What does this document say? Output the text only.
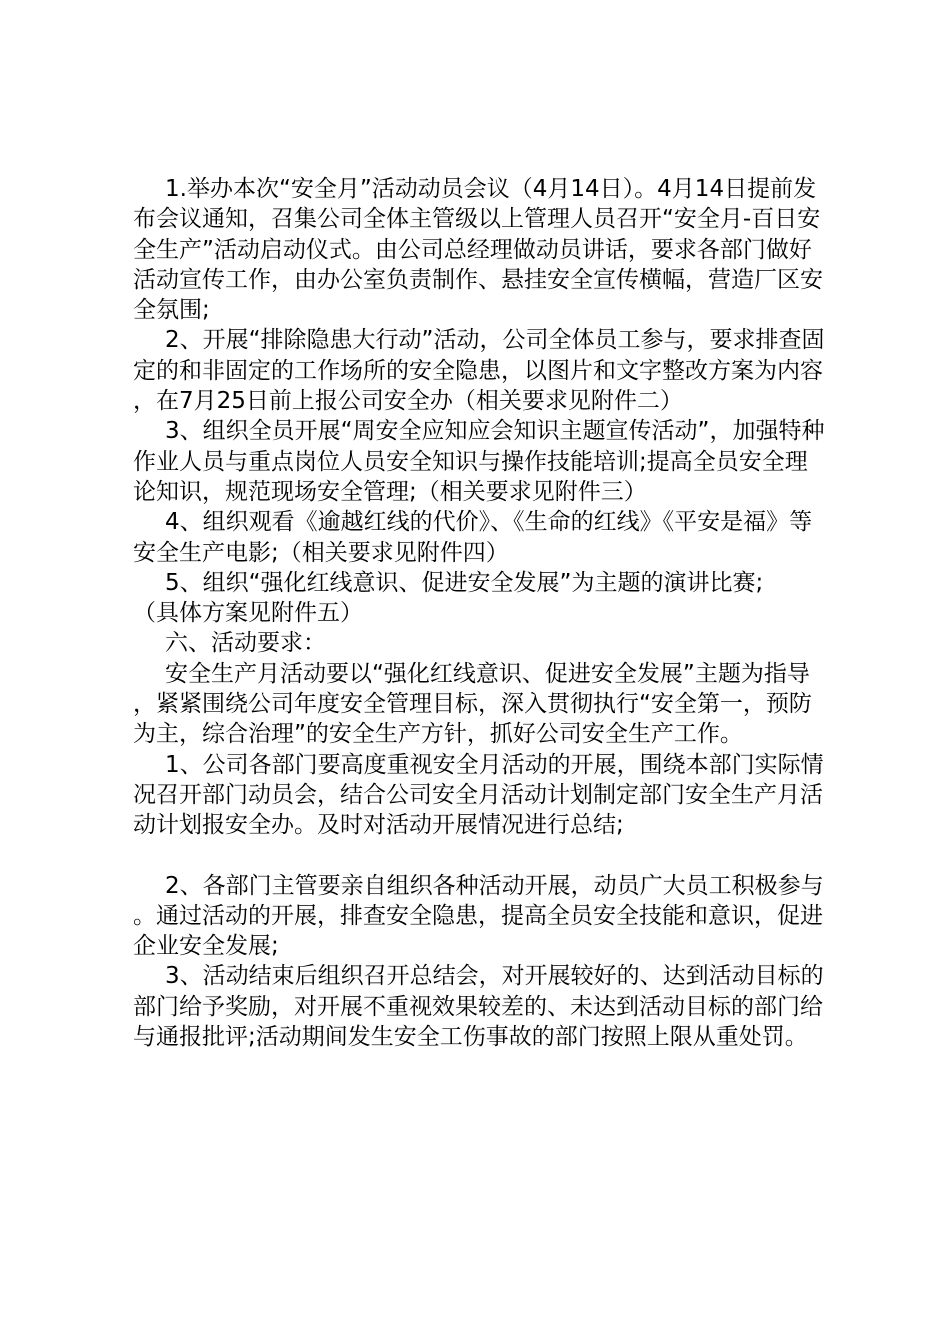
1.举办本次“安全月”活动动员会议（4月14日）。4月14日提前发布会议通知，召集公司全体主管级以上管理人员召开“安全月-百日安全生产”活动启动仪式。由公司总经理做动员讲话，要求各部门做好活动宣传工作，由办公室负责制作、悬挂安全宣传横幅，营造厂区安全氛围;

2、开展“排除隐患大行动”活动，公司全体员工参与，要求排查固定的和非固定的工作场所的安全隐患，以图片和文字整改方案为内容，在7月25日前上报公司安全办（相关要求见附件二）

3、组织全员开展“周安全应知应会知识主题宣传活动”，加强特种作业人员与重点岗位人员安全知识与操作技能培训;提高全员安全理论知识，规范现场安全管理;（相关要求见附件三）

4、组织观看《逾越红线的代价》、《生命的红线》《平安是福》等安全生产电影;（相关要求见附件四）

5、组织“强化红线意识、促进安全发展”为主题的演讲比赛;

（具体方案见附件五）

六、活动要求：

安全生产月活动要以“强化红线意识、促进安全发展”主题为指导，紧紧围绕公司年度安全管理目标，深入贯彻执行“安全第一，预防为主，综合治理”的安全生产方针，抓好公司安全生产工作。

1、公司各部门要高度重视安全月活动的开展，围绕本部门实际情况召开部门动员会，结合公司安全月活动计划制定部门安全生产月活动计划报安全办。及时对活动开展情况进行总结;

2、各部门主管要亲自组织各种活动开展，动员广大员工积极参与。通过活动的开展，排查安全隐患，提高全员安全技能和意识，促进企业安全发展;

3、活动结束后组织召开总结会，对开展较好的、达到活动目标的部门给予奖励，对开展不重视效果较差的、未达到活动目标的部门给与通报批评;活动期间发生安全工伤事故的部门按照上限从重处罚。
